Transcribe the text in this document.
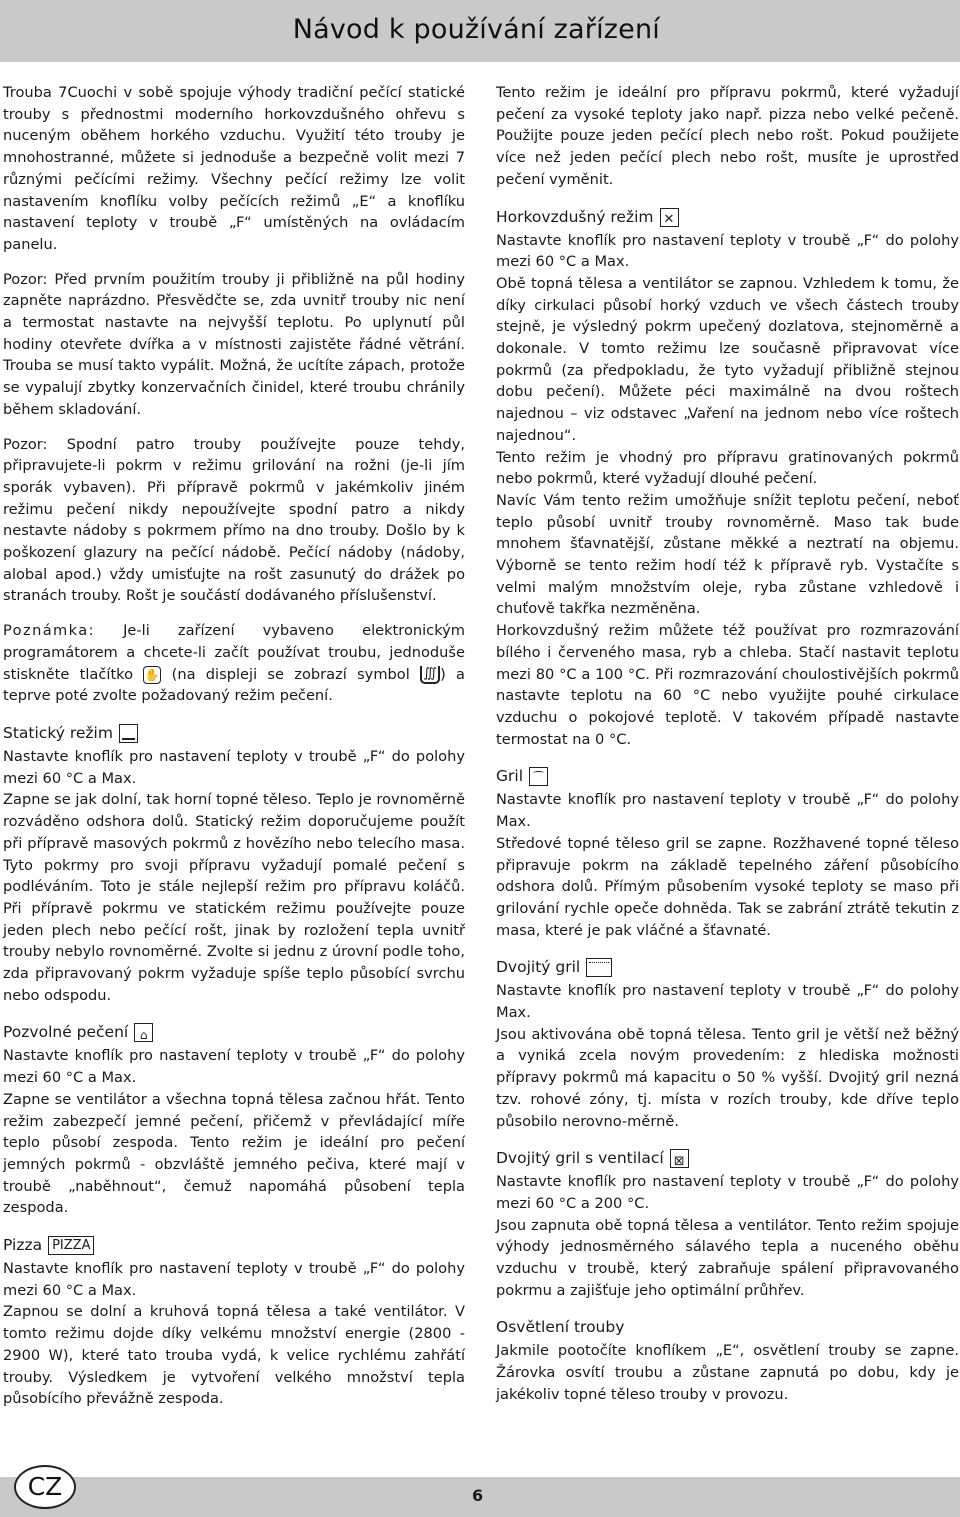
Návod k používání zařízení

Trouba 7Cuochi v sobě spojuje výhody tradiční pečící statické trouby s přednostmi moderního horkovzdušného ohřevu s nuceným oběhem horkého vzduchu. Využití této trouby je mnohostranné, můžete si jednoduše a bezpečně volit mezi 7 různými pečícími režimy. Všechny pečící režimy lze volit nastavením knoflíku volby pečících režimů „E“ a knoflíku nastavení teploty v troubě „F“ umístěných na ovládacím panelu.

Pozor: Před prvním použitím trouby ji přibližně na půl hodiny zapněte naprázdno. Přesvědčte se, zda uvnitř trouby nic není a termostat nastavte na nejvyšší teplotu. Po uplynutí půl hodiny otevřete dvířka a v místnosti zajistěte řádné větrání. Trouba se musí takto vypálit. Možná, že ucítíte zápach, protože se vypalují zbytky konzervačních činidel, které troubu chránily během skladování.

Pozor: Spodní patro trouby používejte pouze tehdy, připravujete-li pokrm v režimu grilování na rožni (je-li jím sporák vybaven). Při přípravě pokrmů v jakémkoliv jiném režimu pečení nikdy nepoužívejte spodní patro a nikdy nestavte nádoby s pokrmem přímo na dno trouby. Došlo by k poškození glazury na pečící nádobě. Pečící nádoby (nádoby, alobal apod.) vždy umisťujte na rošt zasunutý do drážek po stranách trouby. Rošt je součástí dodávaného příslušenství.

Poznámka: Je-li zařízení vybaveno elektronickým programátorem a chcete-li začít používat troubu, jednoduše stiskněte tlačítko ✋ (na displeji se zobrazí symbol ∭ ) a teprve poté zvolte požadovaný režim pečení.

Statický režim

Nastavte knoflík pro nastavení teploty v troubě „F“ do polohy mezi 60 °C a Max.

Zapne se jak dolní, tak horní topné těleso. Teplo je rovnoměrně rozváděno odshora dolů. Statický režim doporučujeme použít při přípravě masových pokrmů z hovězího nebo telecího masa. Tyto pokrmy pro svoji přípravu vyžadují pomalé pečení s podléváním. Toto je stále nejlepší režim pro přípravu koláčů. Při přípravě pokrmu ve statickém režimu používejte pouze jeden plech nebo pečící rošt, jinak by rozložení tepla uvnitř trouby nebylo rovnoměrné. Zvolte si jednu z úrovní podle toho, zda připravovaný pokrm vyžaduje spíše teplo působící svrchu nebo odspodu.

Pozvolné pečení
⌂

Nastavte knoflík pro nastavení teploty v troubě „F“ do polohy mezi 60 °C a Max.

Zapne se ventilátor a všechna topná tělesa začnou hřát. Tento režim zabezpečí jemné pečení, přičemž v převládající míře teplo působí zespoda. Tento režim je ideální pro pečení jemných pokrmů - obzvláště jemného pečiva, které mají v troubě „naběhnout“, čemuž napomáhá působení tepla zespoda.

Pizza PIZZA

Nastavte knoflík pro nastavení teploty v troubě „F“ do polohy mezi 60 °C a Max.

Zapnou se dolní a kruhová topná tělesa a také ventilátor. V tomto režimu dojde díky velkému množství energie (2800 - 2900 W), které tato trouba vydá, k velice rychlému zahřátí trouby. Výsledkem je vytvoření velkého množství tepla působícího převážně zespoda.

Tento režim je ideální pro přípravu pokrmů, které vyžadují pečení za vysoké teploty jako např. pizza nebo velké pečeně. Použijte pouze jeden pečící plech nebo rošt. Pokud použijete více než jeden pečící plech nebo rošt, musíte je uprostřed pečení vyměnit.

Horkovzdušný režim
✕

Nastavte knoflík pro nastavení teploty v troubě „F“ do polohy mezi 60 °C a Max.

Obě topná tělesa a ventilátor se zapnou. Vzhledem k tomu, že díky cirkulaci působí horký vzduch ve všech částech trouby stejně, je výsledný pokrm upečený dozlatova, stejnoměrně a dokonale. V tomto režimu lze současně připravovat více pokrmů (za předpokladu, že tyto vyžadují přibližně stejnou dobu pečení). Můžete péci maximálně na dvou roštech najednou – viz odstavec „Vaření na jednom nebo více roštech najednou“.

Tento režim je vhodný pro přípravu gratinovaných pokrmů nebo pokrmů, které vyžadují dlouhé pečení.

Navíc Vám tento režim umožňuje snížit teplotu pečení, neboť teplo působí uvnitř trouby rovnoměrně. Maso tak bude mnohem šťavnatější, zůstane měkké a neztratí na objemu. Výborně se tento režim hodí též k přípravě ryb. Vystačíte s velmi malým množstvím oleje, ryba zůstane vzhledově i chuťově takřka nezměněna.

Horkovzdušný režim můžete též používat pro rozmrazování bílého i červeného masa, ryb a chleba. Stačí nastavit teplotu mezi 80 °C a 100 °C. Při rozmrazování choulostivějších pokrmů nastavte teplotu na 60 °C nebo využijte pouhé cirkulace vzduchu o pokojové teplotě. V takovém případě nastavte termostat na 0 °C.

Gril

Nastavte knoflík pro nastavení teploty v troubě „F“ do polohy Max.

Středové topné těleso gril se zapne. Rozžhavené topné těleso připravuje pokrm na základě tepelného záření působícího odshora dolů. Přímým působením vysoké teploty se maso při grilování rychle opeče dohněda. Tak se zabrání ztrátě tekutin z masa, které je pak vláčné a šťavnaté.

Dvojitý gril

Nastavte knoflík pro nastavení teploty v troubě „F“ do polohy Max.

Jsou aktivována obě topná tělesa. Tento gril je větší než běžný a vyniká zcela novým provedením: z hlediska možnosti přípravy pokrmů má kapacitu o 50 % vyšší. Dvojitý gril nezná tzv. rohové zóny, tj. místa v rozích trouby, kde dříve teplo působilo nerovno-měrně.

Dvojitý gril s ventilací
⊠

Nastavte knoflík pro nastavení teploty v troubě „F“ do polohy mezi 60 °C a 200 °C.

Jsou zapnuta obě topná tělesa a ventilátor. Tento režim spojuje výhody jednosměrného sálavého tepla a nuceného oběhu vzduchu v troubě, který zabraňuje spálení připravovaného pokrmu a zajišťuje jeho optimální průhřev.

Osvětlení trouby

Jakmile pootočíte knoflíkem „E“, osvětlení trouby se zapne. Žárovka osvítí troubu a zůstane zapnutá po dobu, kdy je jakékoliv topné těleso trouby v provozu.

CZ	6
